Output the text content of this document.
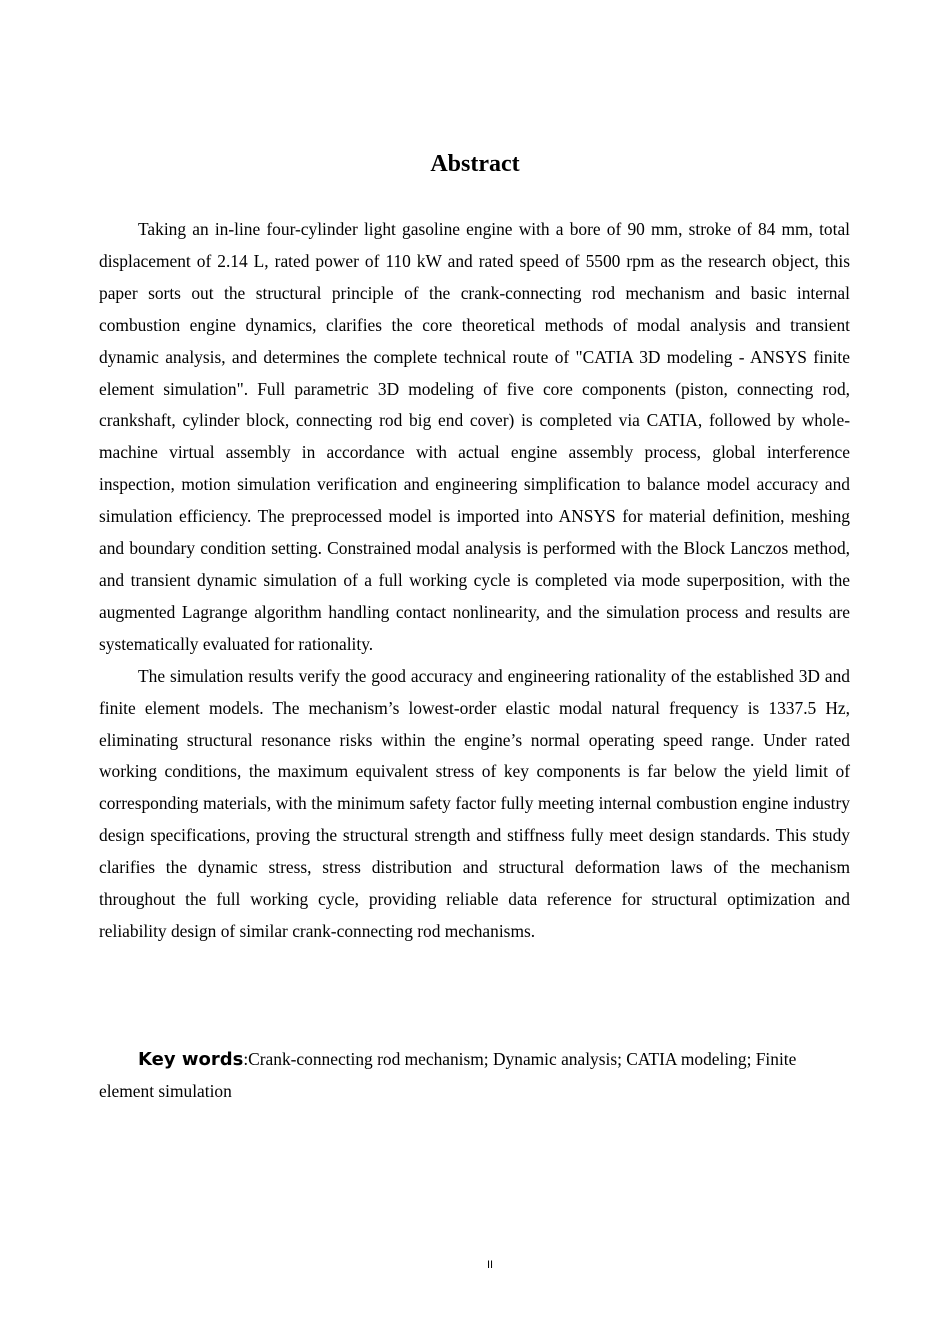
Abstract

Taking an in-line four-cylinder light gasoline engine with a bore of 90 mm, stroke of 84 mm, total displacement of 2.14 L, rated power of 110 kW and rated speed of 5500 rpm as the research object, this paper sorts out the structural principle of the crank-connecting rod mechanism and basic internal combustion engine dynamics, clarifies the core theoretical methods of modal analysis and transient dynamic analysis, and determines the complete technical route of "CATIA 3D modeling - ANSYS finite element simulation". Full parametric 3D modeling of five core components (piston, connecting rod, crankshaft, cylinder block, connecting rod big end cover) is completed via CATIA, followed by whole-machine virtual assembly in accordance with actual engine assembly process, global interference inspection, motion simulation verification and engineering simplification to balance model accuracy and simulation efficiency. The preprocessed model is imported into ANSYS for material definition, meshing and boundary condition setting. Constrained modal analysis is performed with the Block Lanczos method, and transient dynamic simulation of a full working cycle is completed via mode superposition, with the augmented Lagrange algorithm handling contact nonlinearity, and the simulation process and results are systematically evaluated for rationality.

The simulation results verify the good accuracy and engineering rationality of the established 3D and finite element models. The mechanism’s lowest-order elastic modal natural frequency is 1337.5 Hz, eliminating structural resonance risks within the engine’s normal operating speed range. Under rated working conditions, the maximum equivalent stress of key components is far below the yield limit of corresponding materials, with the minimum safety factor fully meeting internal combustion engine industry design specifications, proving the structural strength and stiffness fully meet design standards. This study clarifies the dynamic stress, stress distribution and structural deformation laws of the mechanism throughout the full working cycle, providing reliable data reference for structural optimization and reliability design of similar crank-connecting rod mechanisms.

Key words:Crank-connecting rod mechanism; Dynamic analysis; CATIA modeling; Finite element simulation

II
